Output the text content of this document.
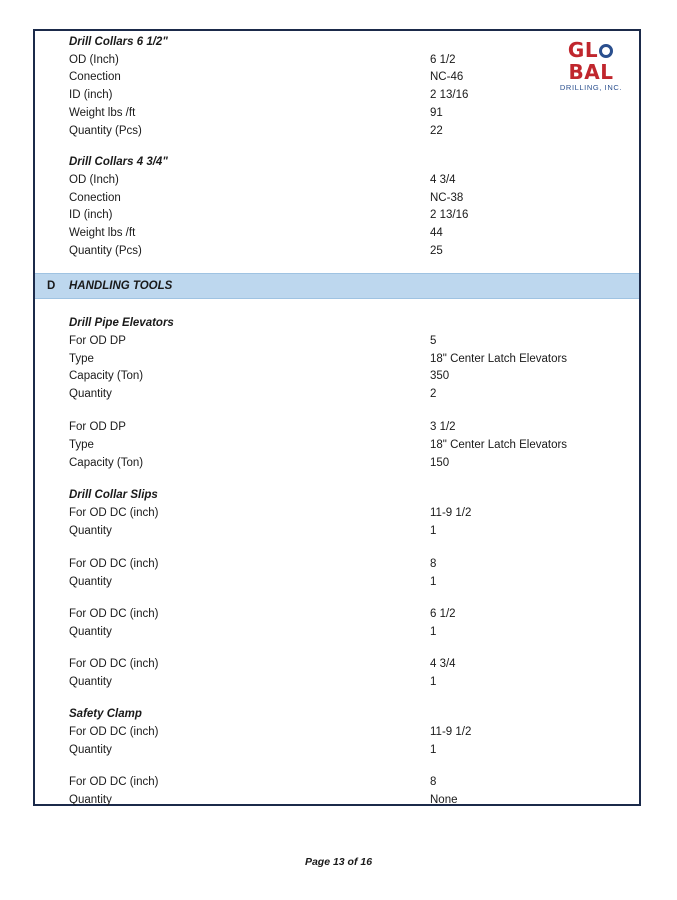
GLBAL
DRILLING, INC.
D HANDLING TOOLS
Drill Collars 6 1/2"
OD (Inch)	6 1/2
Conection	NC-46
ID (inch)	2 13/16
Weight lbs /ft	91
Quantity (Pcs)	22
Drill Collars 4 3/4"
OD (Inch)	4 3/4
Conection	NC-38
ID (inch)	2 13/16
Weight lbs /ft	44
Quantity (Pcs)	25
Drill Pipe Elevators
For OD DP	5
Type	18" Center Latch Elevators
Capacity (Ton)	350
Quantity	2
For OD DP	3 1/2
Type	18" Center Latch Elevators
Capacity (Ton)	150
Drill Collar Slips
For OD DC (inch)	11-9 1/2
Quantity	1
For OD DC (inch)	8
Quantity	1
For OD DC (inch)	6 1/2
Quantity	1
For OD DC (inch)	4 3/4
Quantity	1
Safety Clamp
For OD DC (inch)	11-9 1/2
Quantity	1
For OD DC (inch)	8
Quantity	None
Page 13 of 16
